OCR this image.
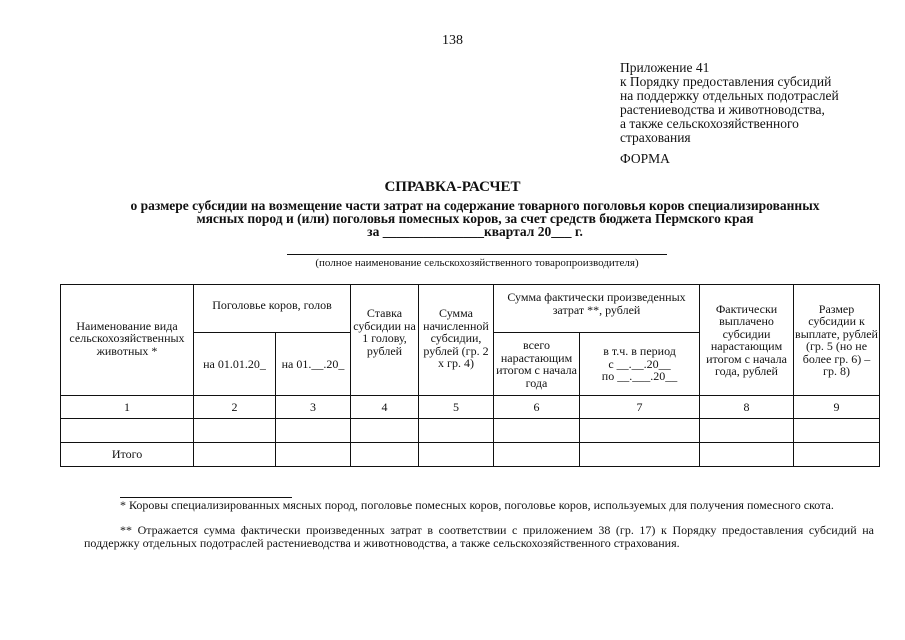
138
Приложение 41
к Порядку предоставления субсидий
на поддержку отдельных подотраслей
растениеводства и животноводства,
а также сельскохозяйственного
страхования
ФОРМА
СПРАВКА-РАСЧЕТ
о размере субсидии на возмещение части затрат на содержание товарного поголовья коров специализированных
мясных пород и (или) поголовья помесных коров, за счет средств бюджета Пермского края
за _______________квартал 20___ г.
(полное наименование сельскохозяйственного товаропроизводителя)
Наименование вида сельскохозяйственных животных *	Поголовье коров, голов		Ставка субсидии на 1 голову, рублей	Сумма начисленной субсидии, рублей (гр. 2 х гр. 4)	Сумма фактически произведенных затрат **, рублей		Фактически выплачено субсидии нарастающим итогом с начала года, рублей	Размер субсидии к выплате, рублей (гр. 5 (но не более гр. 6) – гр. 8)
	на 01.01.20_	на 01.__.20_			всего нарастающим итогом с начала года	в т.ч. в период
с __.__.20__
по __.___.20__		

1	2	3	4	5	6	7	8	9

Итого								
* Коровы специализированных мясных пород, поголовье помесных коров, поголовье коров, используемых для получения помесного скота.
** Отражается сумма фактически произведенных затрат в соответствии с приложением 38 (гр. 17) к Порядку предоставления субсидий на поддержку отдельных подотраслей растениеводства и животноводства, а также сельскохозяйственного страхования.
